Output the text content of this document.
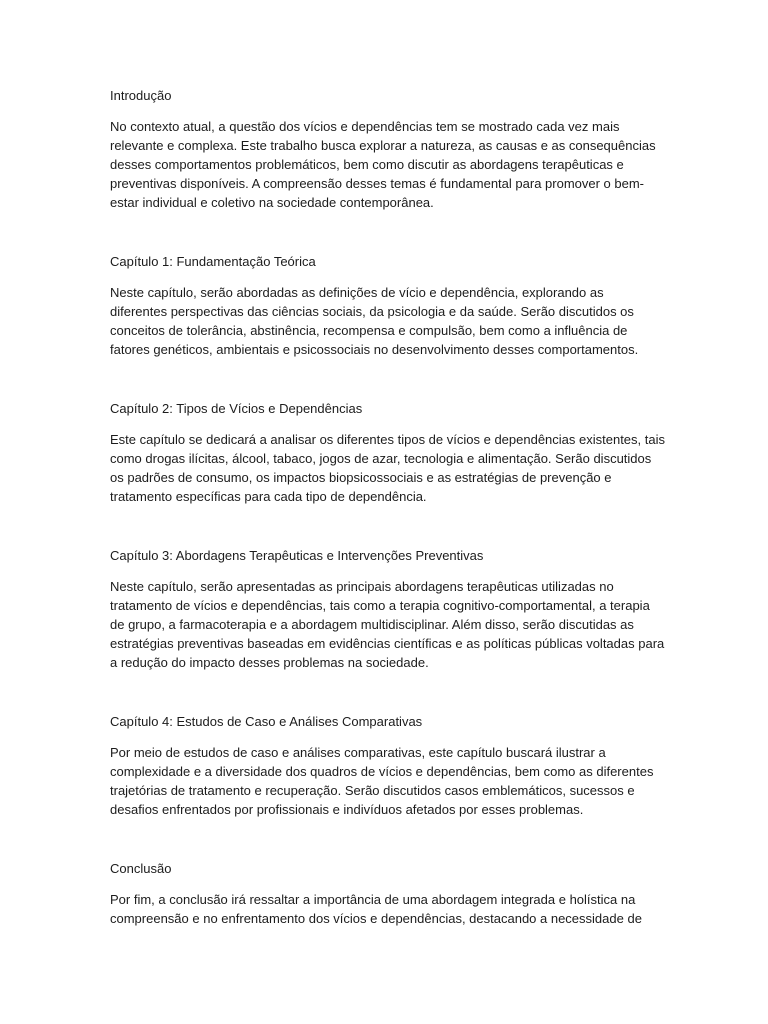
Introdução

No contexto atual, a questão dos vícios e dependências tem se mostrado cada vez mais
relevante e complexa. Este trabalho busca explorar a natureza, as causas e as consequências
desses comportamentos problemáticos, bem como discutir as abordagens terapêuticas e
preventivas disponíveis. A compreensão desses temas é fundamental para promover o bem-
estar individual e coletivo na sociedade contemporânea.

Capítulo 1: Fundamentação Teórica

Neste capítulo, serão abordadas as definições de vício e dependência, explorando as
diferentes perspectivas das ciências sociais, da psicologia e da saúde. Serão discutidos os
conceitos de tolerância, abstinência, recompensa e compulsão, bem como a influência de
fatores genéticos, ambientais e psicossociais no desenvolvimento desses comportamentos.

Capítulo 2: Tipos de Vícios e Dependências

Este capítulo se dedicará a analisar os diferentes tipos de vícios e dependências existentes, tais
como drogas ilícitas, álcool, tabaco, jogos de azar, tecnologia e alimentação. Serão discutidos
os padrões de consumo, os impactos biopsicossociais e as estratégias de prevenção e
tratamento específicas para cada tipo de dependência.

Capítulo 3: Abordagens Terapêuticas e Intervenções Preventivas

Neste capítulo, serão apresentadas as principais abordagens terapêuticas utilizadas no
tratamento de vícios e dependências, tais como a terapia cognitivo-comportamental, a terapia
de grupo, a farmacoterapia e a abordagem multidisciplinar. Além disso, serão discutidas as
estratégias preventivas baseadas em evidências científicas e as políticas públicas voltadas para
a redução do impacto desses problemas na sociedade.

Capítulo 4: Estudos de Caso e Análises Comparativas

Por meio de estudos de caso e análises comparativas, este capítulo buscará ilustrar a
complexidade e a diversidade dos quadros de vícios e dependências, bem como as diferentes
trajetórias de tratamento e recuperação. Serão discutidos casos emblemáticos, sucessos e
desafios enfrentados por profissionais e indivíduos afetados por esses problemas.

Conclusão

Por fim, a conclusão irá ressaltar a importância de uma abordagem integrada e holística na
compreensão e no enfrentamento dos vícios e dependências, destacando a necessidade de
